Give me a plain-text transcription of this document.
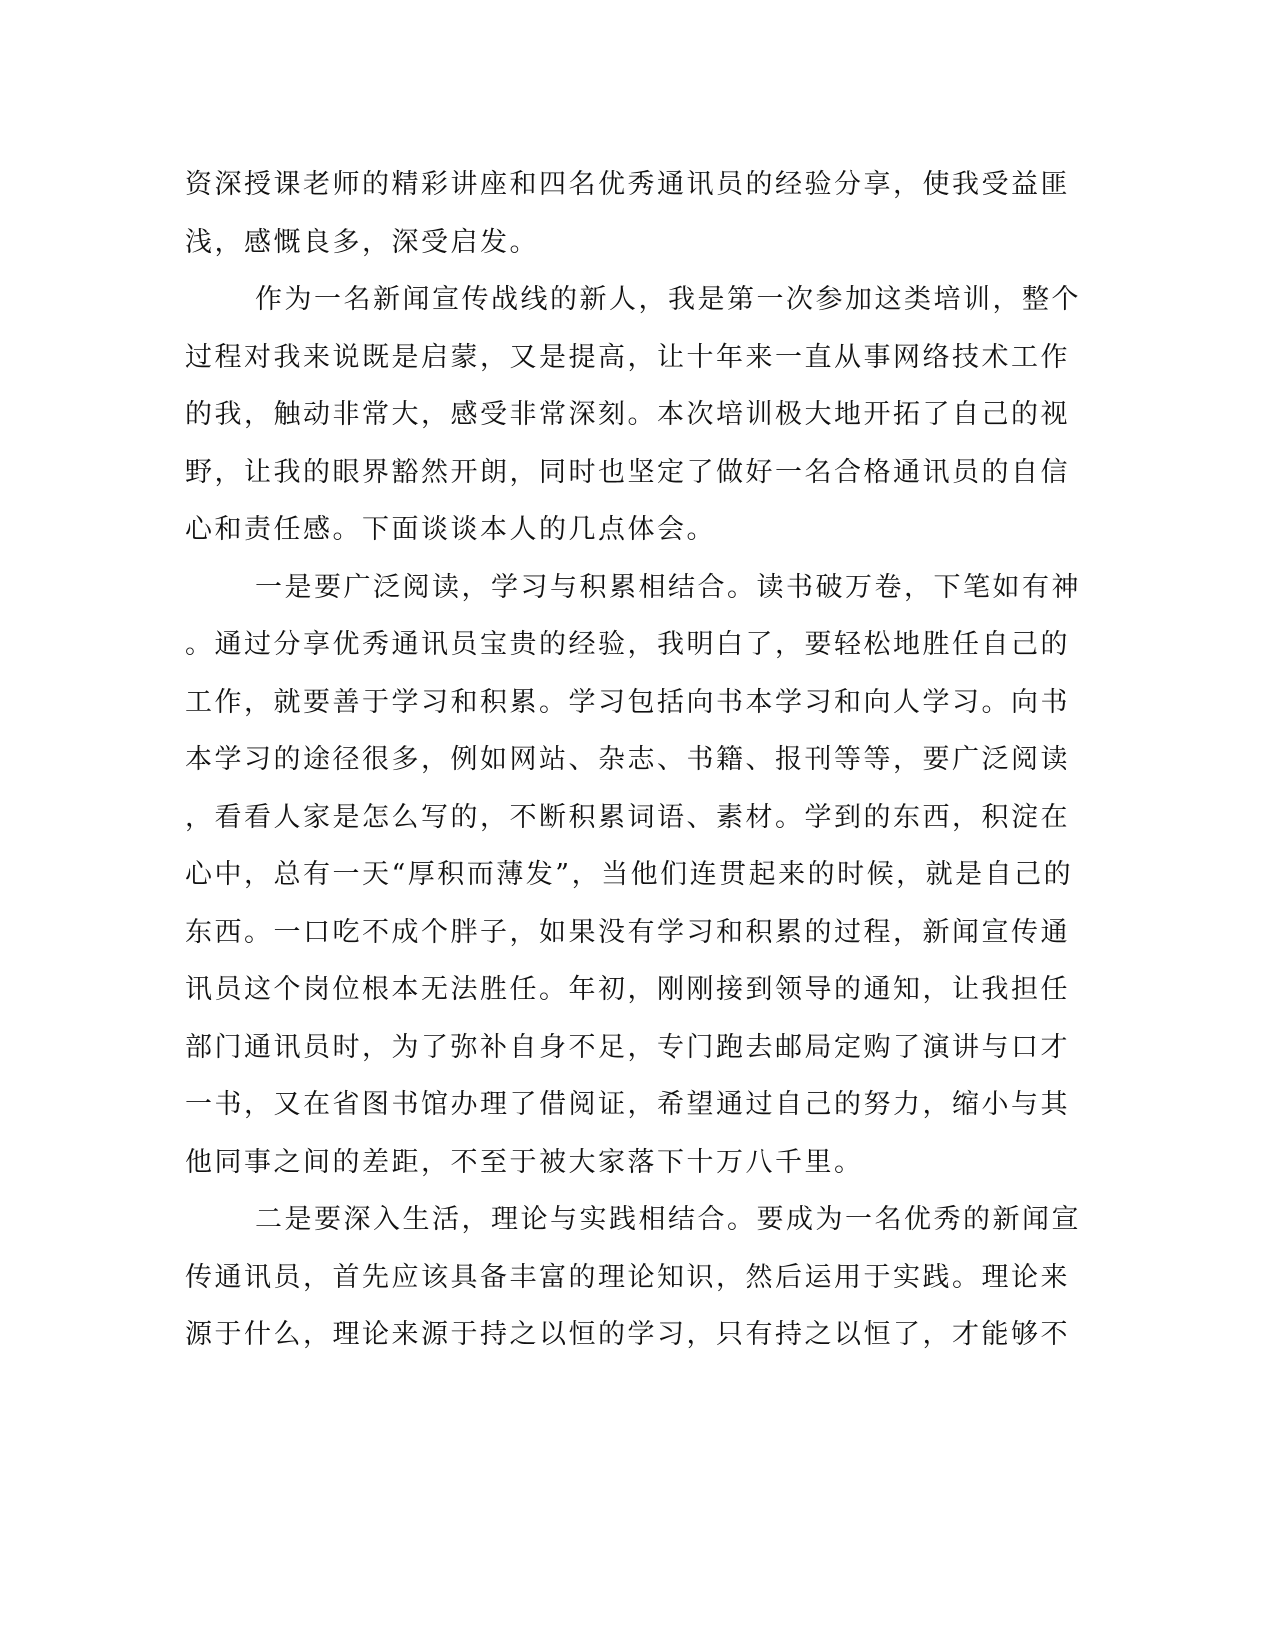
资深授课老师的精彩讲座和四名优秀通讯员的经验分享，使我受益匪
浅，感慨良多，深受启发。

作为一名新闻宣传战线的新人，我是第一次参加这类培训，整个
过程对我来说既是启蒙，又是提高，让十年来一直从事网络技术工作
的我，触动非常大，感受非常深刻。本次培训极大地开拓了自己的视
野，让我的眼界豁然开朗，同时也坚定了做好一名合格通讯员的自信
心和责任感。下面谈谈本人的几点体会。

一是要广泛阅读，学习与积累相结合。读书破万卷，下笔如有神
。通过分享优秀通讯员宝贵的经验，我明白了，要轻松地胜任自己的
工作，就要善于学习和积累。学习包括向书本学习和向人学习。向书
本学习的途径很多，例如网站、杂志、书籍、报刊等等，要广泛阅读
，看看人家是怎么写的，不断积累词语、素材。学到的东西，积淀在
心中，总有一天“厚积而薄发”，当他们连贯起来的时候，就是自己的
东西。一口吃不成个胖子，如果没有学习和积累的过程，新闻宣传通
讯员这个岗位根本无法胜任。年初，刚刚接到领导的通知，让我担任
部门通讯员时，为了弥补自身不足，专门跑去邮局定购了演讲与口才
一书，又在省图书馆办理了借阅证，希望通过自己的努力，缩小与其
他同事之间的差距，不至于被大家落下十万八千里。

二是要深入生活，理论与实践相结合。要成为一名优秀的新闻宣
传通讯员，首先应该具备丰富的理论知识，然后运用于实践。理论来
源于什么，理论来源于持之以恒的学习，只有持之以恒了，才能够不
